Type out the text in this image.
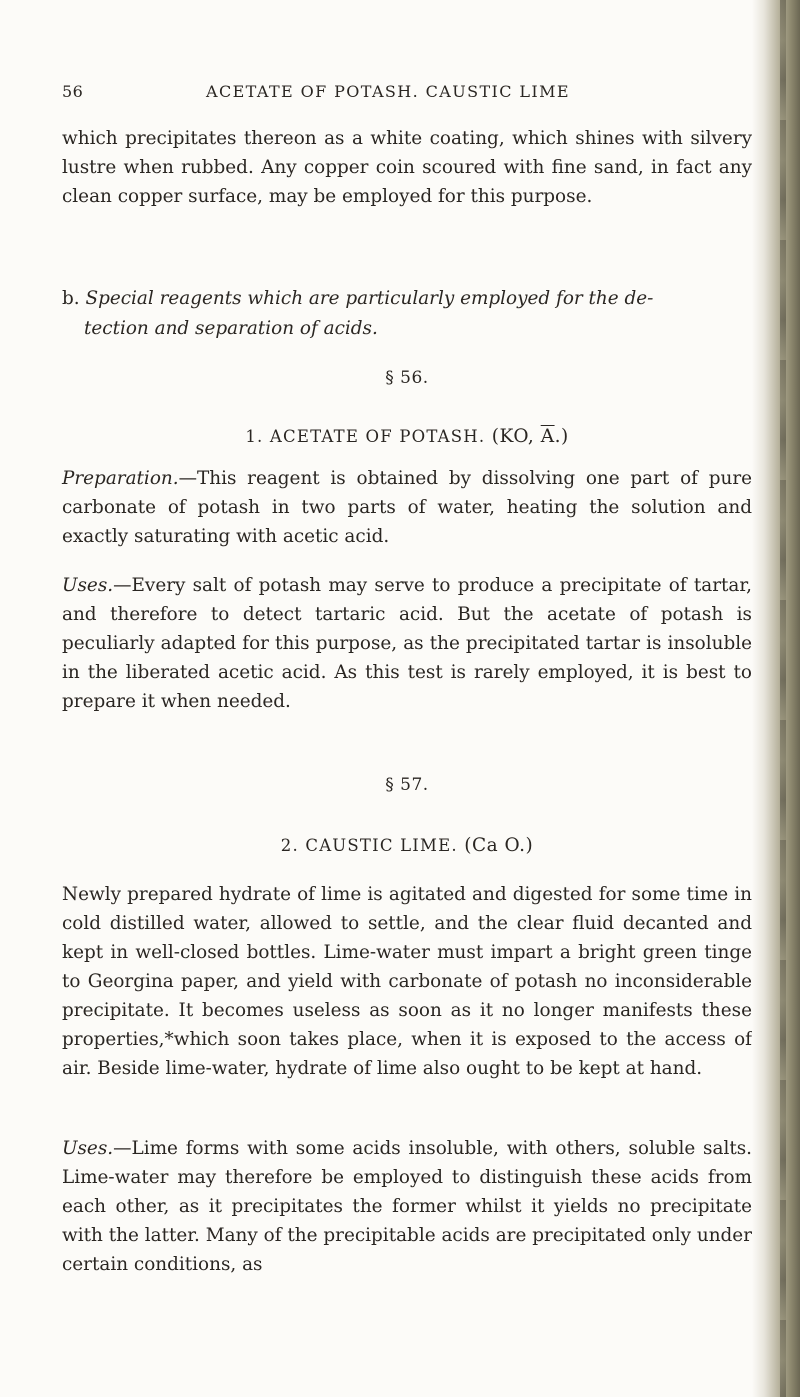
56	ACETATE OF POTASH. CAUSTIC LIME
which precipitates thereon as a white coating, which shines with silvery lustre when rubbed. Any copper coin scoured with fine sand, in fact any clean copper surface, may be employed for this purpose.
b. Special reagents which are particularly employed for the de-
tection and separation of acids.
§ 56.
1. ACETATE OF POTASH. (KO, $\overline{A}$.)
Preparation.—This reagent is obtained by dissolving one part of pure carbonate of potash in two parts of water, heating the solution and exactly saturating with acetic acid.
Uses.—Every salt of potash may serve to produce a precipitate of tartar, and therefore to detect tartaric acid. But the acetate of potash is peculiarly adapted for this purpose, as the precipitated tartar is insoluble in the liberated acetic acid. As this test is rarely employed, it is best to prepare it when needed.
§ 57.
2. CAUSTIC LIME. (Ca O.)
Newly prepared hydrate of lime is agitated and digested for some time in cold distilled water, allowed to settle, and the clear fluid decanted and kept in well-closed bottles. Lime-water must impart a bright green tinge to Georgina paper, and yield with carbonate of potash no inconsiderable precipitate. It becomes useless as soon as it no longer manifests these properties,*which soon takes place, when it is exposed to the access of air. Beside lime-water, hydrate of lime also ought to be kept at hand.
Uses.—Lime forms with some acids insoluble, with others, soluble salts. Lime-water may therefore be employed to distinguish these acids from each other, as it precipitates the former whilst it yields no precipitate with the latter. Many of the precipitable acids are precipitated only under certain conditions, as
